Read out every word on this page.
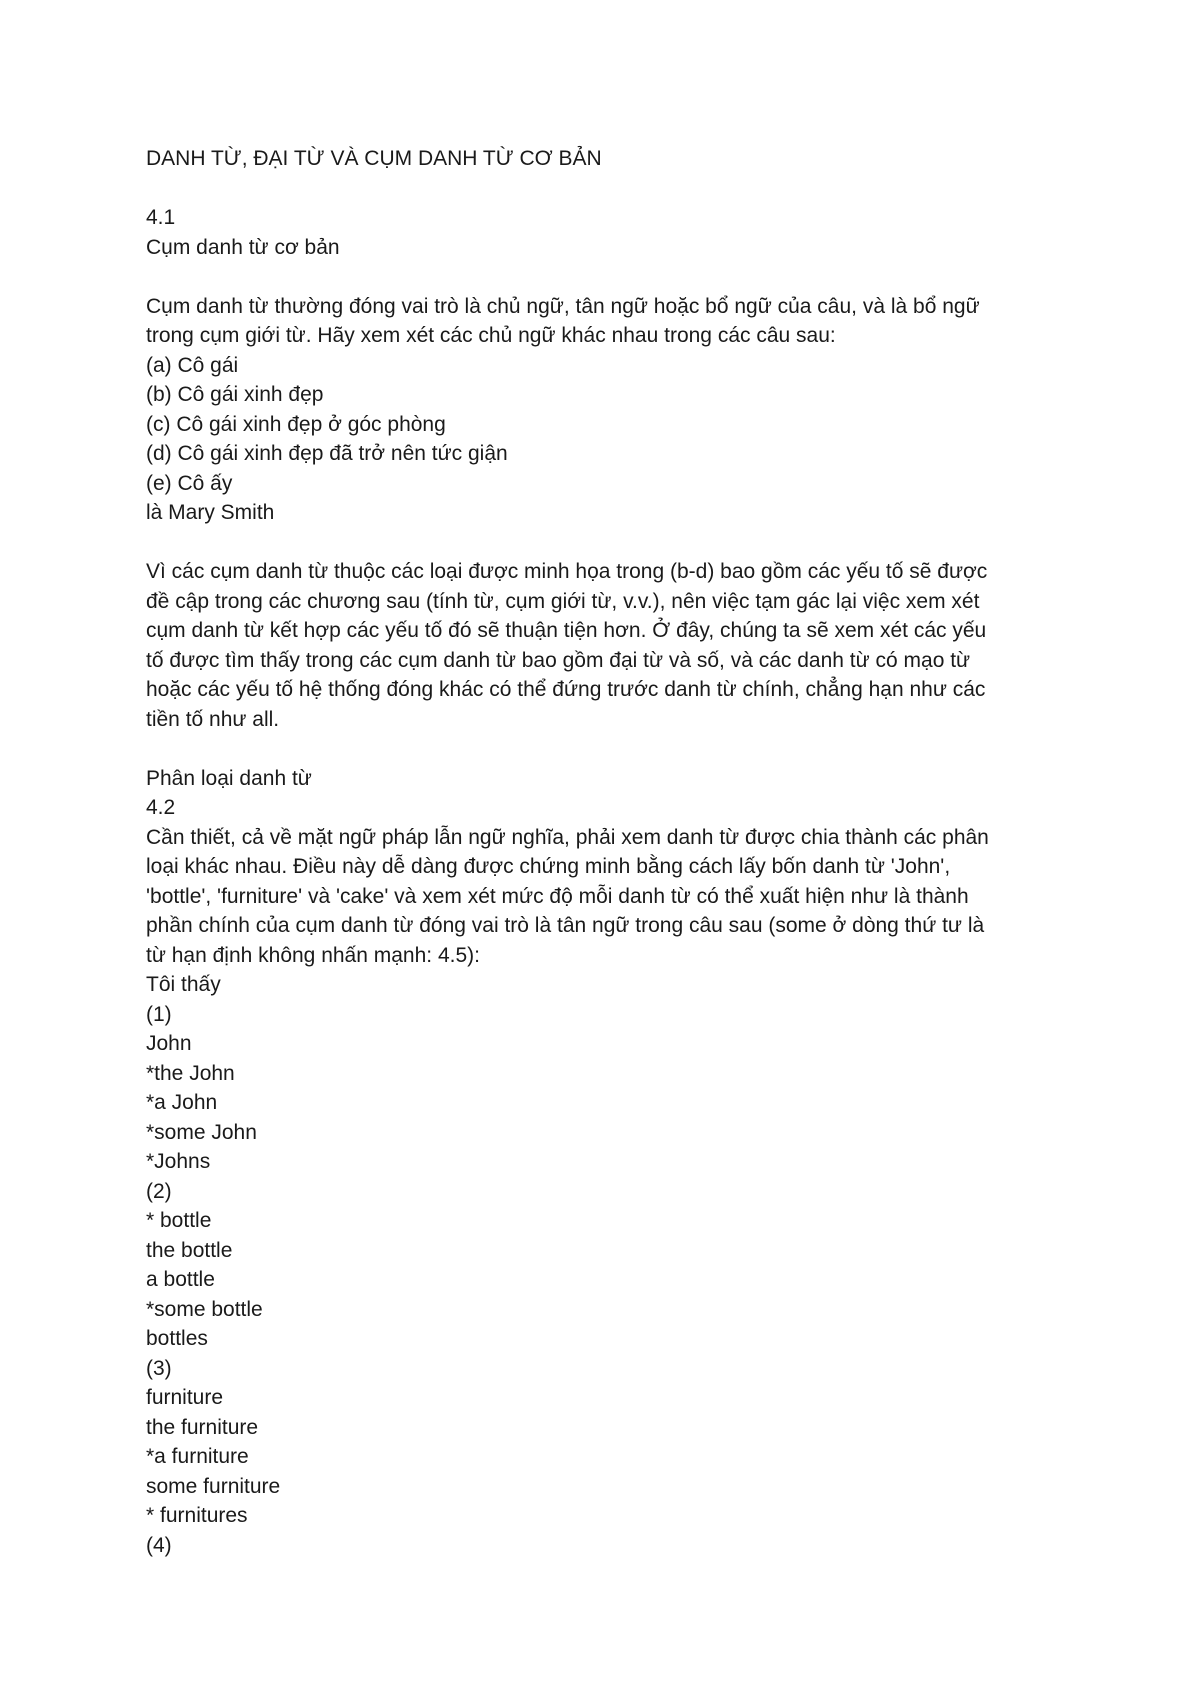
DANH TỪ, ĐẠI TỪ VÀ CỤM DANH TỪ CƠ BẢN
4.1
Cụm danh từ cơ bản
Cụm danh từ thường đóng vai trò là chủ ngữ, tân ngữ hoặc bổ ngữ của câu, và là bổ ngữ
trong cụm giới từ. Hãy xem xét các chủ ngữ khác nhau trong các câu sau:
(a) Cô gái
(b) Cô gái xinh đẹp
(c) Cô gái xinh đẹp ở góc phòng
(d) Cô gái xinh đẹp đã trở nên tức giận
(e) Cô ấy
là Mary Smith
Vì các cụm danh từ thuộc các loại được minh họa trong (b-d) bao gồm các yếu tố sẽ được
đề cập trong các chương sau (tính từ, cụm giới từ, v.v.), nên việc tạm gác lại việc xem xét
cụm danh từ kết hợp các yếu tố đó sẽ thuận tiện hơn. Ở đây, chúng ta sẽ xem xét các yếu
tố được tìm thấy trong các cụm danh từ bao gồm đại từ và số, và các danh từ có mạo từ
hoặc các yếu tố hệ thống đóng khác có thể đứng trước danh từ chính, chẳng hạn như các
tiền tố như all.
Phân loại danh từ
4.2
Cần thiết, cả về mặt ngữ pháp lẫn ngữ nghĩa, phải xem danh từ được chia thành các phân
loại khác nhau. Điều này dễ dàng được chứng minh bằng cách lấy bốn danh từ 'John',
'bottle', 'furniture' và 'cake' và xem xét mức độ mỗi danh từ có thể xuất hiện như là thành
phần chính của cụm danh từ đóng vai trò là tân ngữ trong câu sau (some ở dòng thứ tư là
từ hạn định không nhấn mạnh: 4.5):
Tôi thấy
(1)
John
*the John
*a John
*some John
*Johns
(2)
* bottle
the bottle
a bottle
*some bottle
bottles
(3)
furniture
the furniture
*a furniture
some furniture
* furnitures
(4)
